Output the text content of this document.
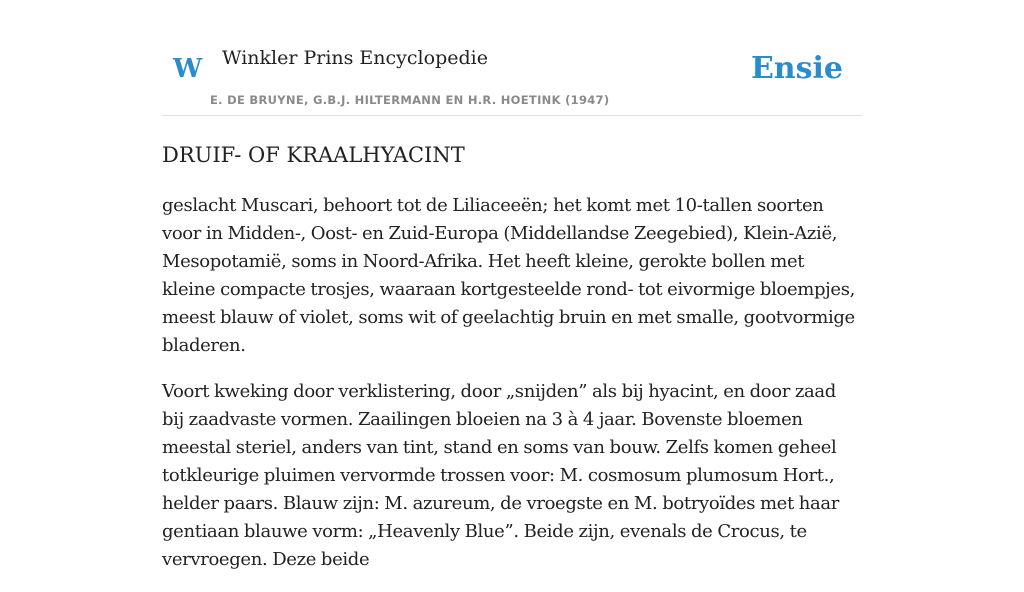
W Winkler Prins Encyclopedie
E. DE BRUYNE, G.B.J. HILTERMANN EN H.R. HOETINK (1947)
Ensie
DRUIF- OF KRAALHYACINT

geslacht Muscari, behoort tot de Liliaceeën; het komt met 10-tallen soorten voor in Midden-, Oost- en Zuid-Europa (Middellandse Zeegebied), Klein-Azië, Mesopotamië, soms in Noord-Afrika. Het heeft kleine, gerokte bollen met kleine compacte trosjes, waaraan kortgesteelde rond- tot eivormige bloempjes, meest blauw of violet, soms wit of geelachtig bruin en met smalle, gootvormige bladeren.

Voort kweking door verklistering, door „snijden” als bij hyacint, en door zaad bij zaadvaste vormen. Zaailingen bloeien na 3 à 4 jaar. Bovenste bloemen meestal steriel, anders van tint, stand en soms van bouw. Zelfs komen geheel totkleurige pluimen vervormde trossen voor: M. cosmosum plumosum Hort., helder paars. Blauw zijn: M. azureum, de vroegste en M. botryoïdes met haar gentiaan blauwe vorm: „Heavenly Blue”. Beide zijn, evenals de Crocus, te vervroegen. Deze beide
